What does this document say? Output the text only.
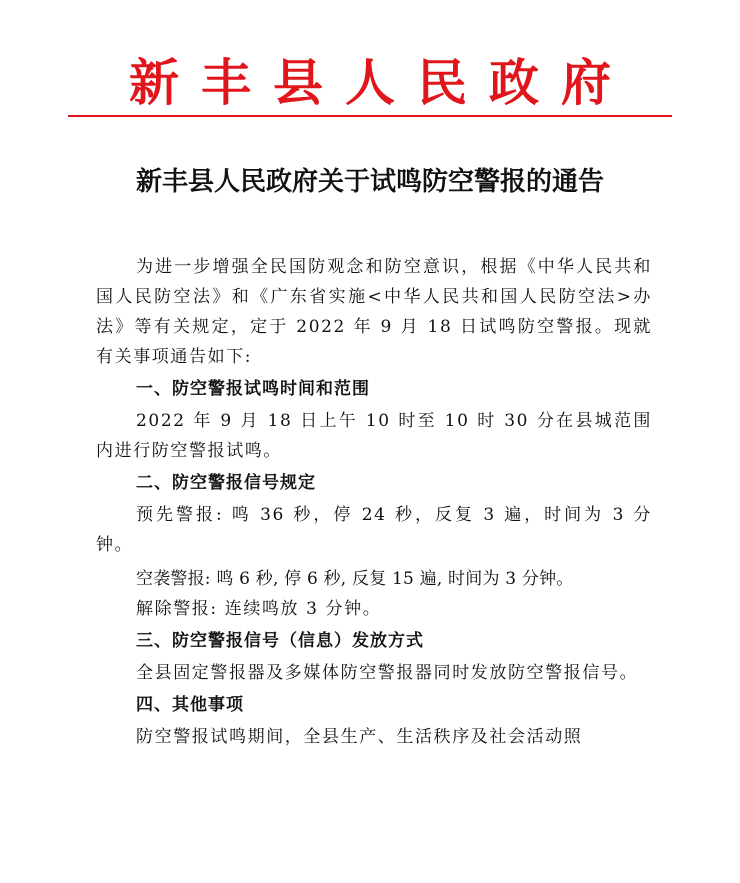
新丰县人民政府
新丰县人民政府关于试鸣防空警报的通告

为进一步增强全民国防观念和防空意识，根据《中华人民共和国人民防空法》和《广东省实施<中华人民共和国人民防空法>办法》等有关规定，定于 2022 年 9 月 18 日试鸣防空警报。现就有关事项通告如下:

一、防空警报试鸣时间和范围

2022 年 9 月 18 日上午 10 时至 10 时 30 分在县城范围内进行防空警报试鸣。

二、防空警报信号规定

预先警报: 鸣 36 秒，停 24 秒，反复 3 遍，时间为 3 分钟。

空袭警报: 鸣 6 秒, 停 6 秒, 反复 15 遍, 时间为 3 分钟。

解除警报: 连续鸣放 3 分钟。

三、防空警报信号（信息）发放方式

全县固定警报器及多媒体防空警报器同时发放防空警报信号。

四、其他事项

防空警报试鸣期间，全县生产、生活秩序及社会活动照
